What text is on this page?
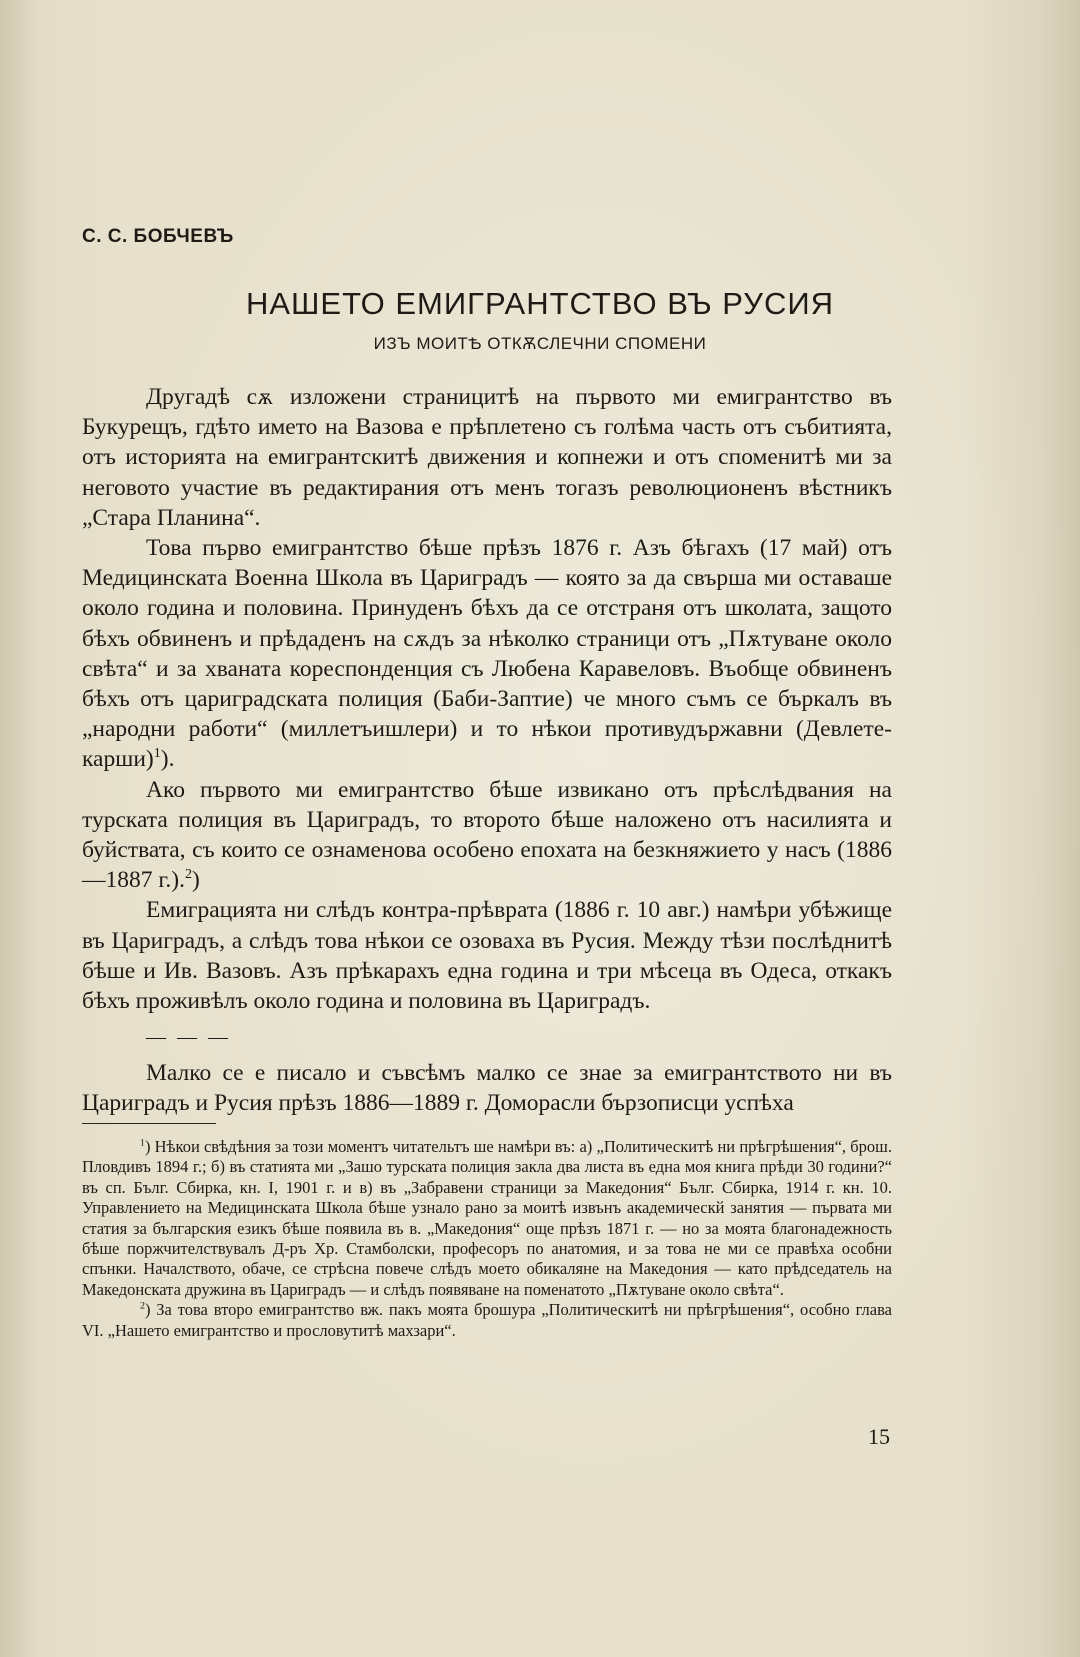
С. С. БОБЧЕВЪ
НАШЕТО ЕМИГРАНТСТВО ВЪ РУСИЯ
ИЗЪ МОИТѢ ОТКѪСЛЕЧНИ СПОМЕНИ

Другадѣ сѫ изложени страницитѣ на първото ми емигрантство въ Букурещъ, гдѣто името на Вазова е прѣплетено съ голѣма часть отъ събитията, отъ историята на емигрантскитѣ движения и копнежи и отъ споменитѣ ми за неговото участие въ редактирания отъ менъ тогазъ революционенъ вѣстникъ „Стара Планина“.

Това първо емигрантство бѣше прѣзъ 1876 г. Азъ бѣгахъ (17 май) отъ Медицинската Военна Школа въ Цариградъ — която за да свърша ми оставаше около година и половина. Принуденъ бѣхъ да се отстраня отъ школата, защото бѣхъ обвиненъ и прѣдаденъ на сѫдъ за нѣколко страници отъ „Пѫтуване около свѣта“ и за хваната кореспонденция съ Любена Каравеловъ. Въобще обвиненъ бѣхъ отъ цариградската полиция (Баби-Заптие) че много съмъ се бъркалъ въ „народни работи“ (миллетъишлери) и то нѣкои противудържавни (Девлете-карши)$^1$).

Ако първото ми емигрантство бѣше извикано отъ прѣслѣдвания на турската полиция въ Цариградъ, то второто бѣше наложено отъ насилията и буйствата, съ които се ознаменова особено епохата на безкняжието у насъ (1886—1887 г.).$^2$)

Емиграцията ни слѣдъ контра-прѣврата (1886 г. 10 авг.) намѣри убѣжище въ Цариградъ, а слѣдъ това нѣкои се озоваха въ Русия. Между тѣзи послѣднитѣ бѣше и Ив. Вазовъ. Азъ прѣкарахъ една година и три мѣсеца въ Одеса, откакъ бѣхъ проживѣлъ около година и половина въ Цариградъ.

— — —

Малко се е писало и съвсѣмъ малко се знае за емигрантството ни въ Цариградъ и Русия прѣзъ 1886—1889 г. Доморасли бързописци успѣха

$^1$) Нѣкои свѣдѣния за този моментъ читательтъ ше намѣри въ: а) „Политическитѣ ни прѣгрѣшения“, брош. Пловдивъ 1894 г.; б) въ статията ми „Зашо турската полиция закла два листа въ една моя книга прѣди 30 години?“ въ сп. Бълг. Сбирка, кн. I, 1901 г. и в) въ „Забравени страници за Македония“ Бълг. Сбирка, 1914 г. кн. 10. Управлението на Медицинската Школа бѣше узнало рано за моитѣ извънъ академическй занятия — първата ми статия за българския езикъ бѣше появила въ в. „Македония“ още прѣзъ 1871 г. — но за моята благонадежность бѣше поржчителствувалъ Д-ръ Хр. Стамболски, професоръ по анатомия, и за това не ми се правѣха особни спънки. Началството, обаче, се стрѣсна повече слѣдъ моето обикаляне на Македония — като прѣдседатель на Македонската дружина въ Цариградъ — и слѣдъ появяване на поменатото „Пѫтуване около свѣта“.

$^2$) За това второ емигрантство вж. пакъ моята брошура „Политическитѣ ни прѣгрѣшения“, особно глава VI. „Нашето емигрантство и прословутитѣ махзари“.

15
